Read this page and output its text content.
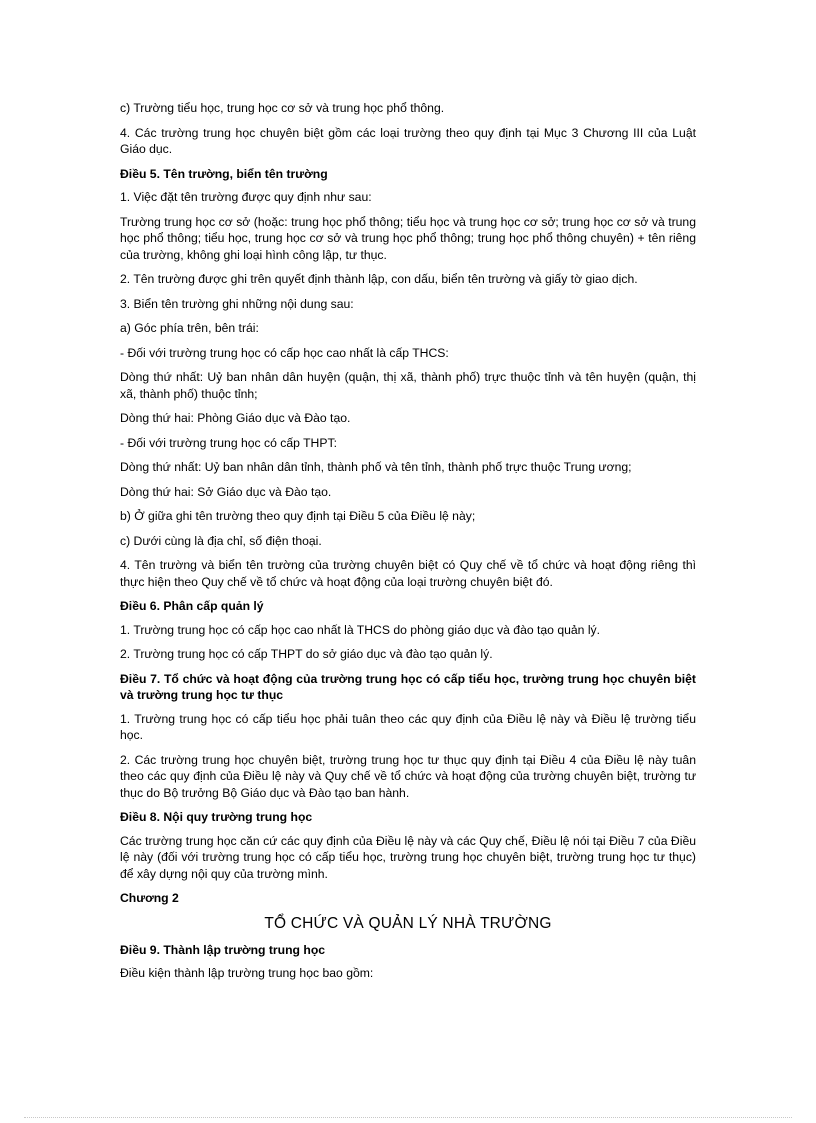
c) Trường tiểu học, trung học cơ sở và trung học phổ thông.

4. Các trường trung học chuyên biệt gồm các loại trường theo quy định tại Mục 3 Chương III của Luật Giáo dục.

Điều 5. Tên trường, biển tên trường

1. Việc đặt tên trường được quy định như sau:

Trường trung học cơ sở (hoặc: trung học phổ thông; tiểu học và trung học cơ sở; trung học cơ sở và trung học phổ thông; tiểu học, trung học cơ sở và trung học phổ thông; trung học phổ thông chuyên) + tên riêng của trường, không ghi loại hình công lập, tư thục.

2. Tên trường được ghi trên quyết định thành lập, con dấu, biển tên trường và giấy tờ giao dịch.

3. Biển tên trường ghi những nội dung sau:

a) Góc phía trên, bên trái:

- Đối với trường trung học có cấp học cao nhất là cấp THCS:

Dòng thứ nhất: Uỷ ban nhân dân huyện (quận, thị xã, thành phố) trực thuộc tỉnh và tên huyện (quận, thị xã, thành phố) thuộc tỉnh;

Dòng thứ hai: Phòng Giáo dục và Đào tạo.

- Đối với trường trung học có cấp THPT:

Dòng thứ nhất: Uỷ ban nhân dân tỉnh, thành phố và tên tỉnh, thành phố trực thuộc Trung ương;

Dòng thứ hai: Sở Giáo dục và Đào tạo.

b) Ở giữa ghi tên trường theo quy định tại Điều 5 của Điều lệ này;

c) Dưới cùng là địa chỉ, số điện thoại.

4. Tên trường và biển tên trường của trường chuyên biệt có Quy chế về tổ chức và hoạt động riêng thì thực hiện theo Quy chế về tổ chức và hoạt động của loại trường chuyên biệt đó.

Điều 6. Phân cấp quản lý

1. Trường trung học có cấp học cao nhất là THCS do phòng giáo dục và đào tạo quản lý.

2. Trường trung học có cấp THPT do sở giáo dục và đào tạo quản lý.

Điều 7. Tổ chức và hoạt động của trường trung học có cấp tiểu học, trường trung học chuyên biệt và trường trung học tư thục

1. Trường trung học có cấp tiểu học phải tuân theo các quy định của Điều lệ này và Điều lệ trường tiểu học.

2. Các trường trung học chuyên biệt, trường trung học tư thục quy định tại Điều 4 của Điều lệ này tuân theo các quy định của Điều lệ này và Quy chế về tổ chức và hoạt động của trường chuyên biệt, trường tư thục do Bộ trưởng Bộ Giáo dục và Đào tạo ban hành.

Điều 8. Nội quy trường trung học

Các trường trung học căn cứ các quy định của Điều lệ này và các Quy chế, Điều lệ nói tại Điều 7 của Điều lệ này (đối với trường trung học có cấp tiểu học, trường trung học chuyên biệt, trường trung học tư thục) để xây dựng nội quy của trường mình.

Chương 2

TỔ CHỨC VÀ QUẢN LÝ NHÀ TRƯỜNG

Điều 9. Thành lập trường trung học

Điều kiện thành lập trường trung học bao gồm:
